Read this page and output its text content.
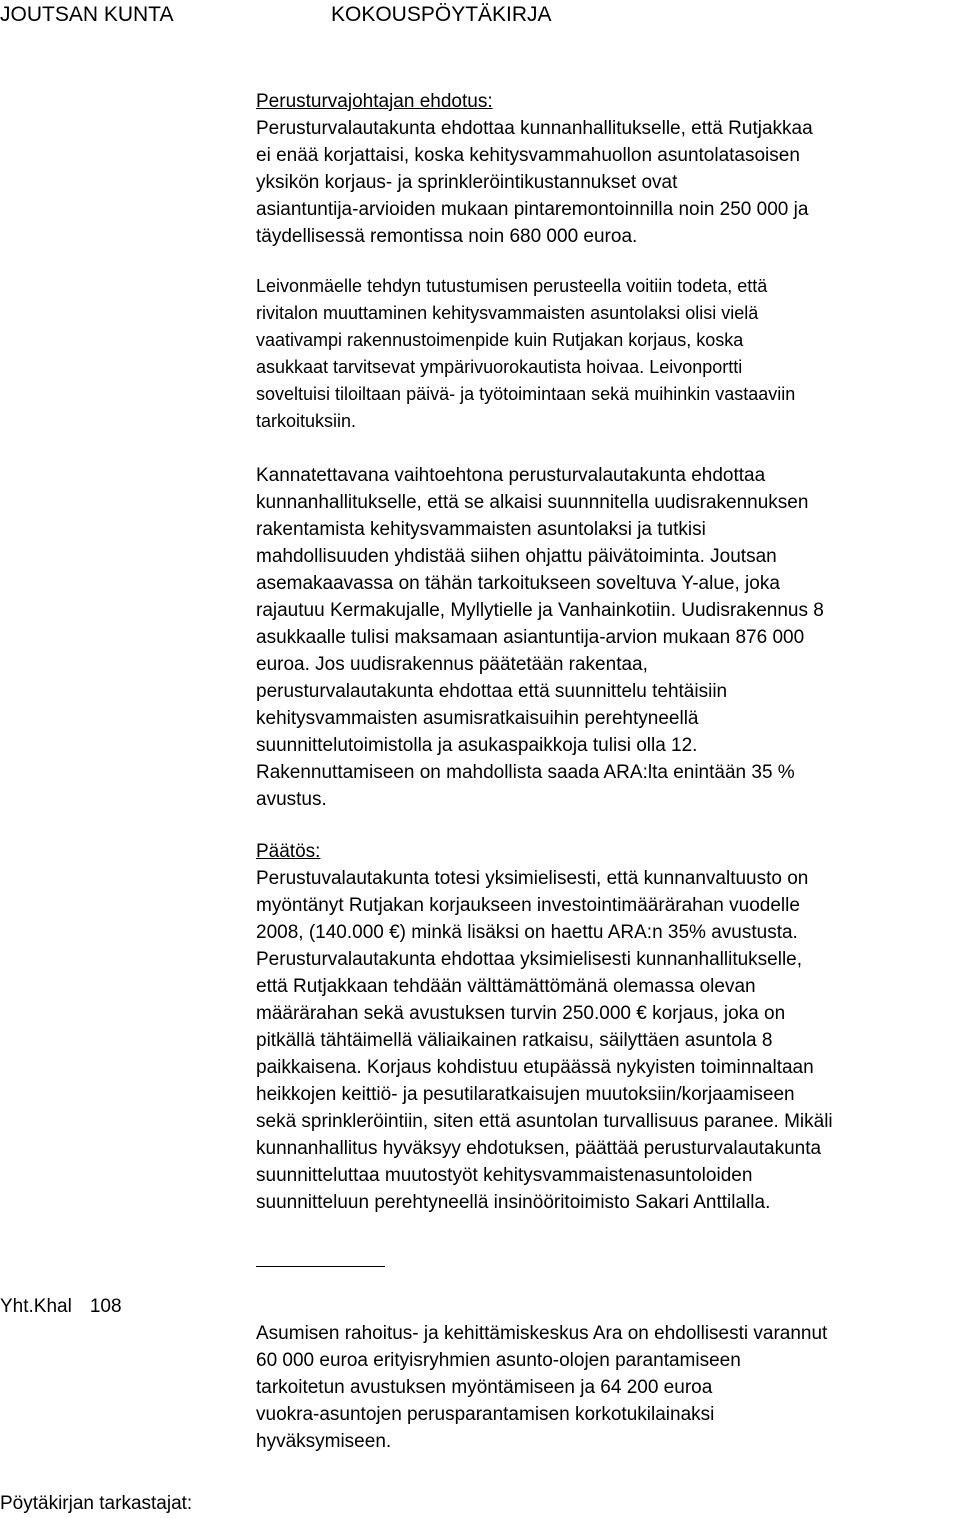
JOUTSAN KUNTA	KOKOUSPÖYTÄKIRJA
Perusturvajohtajan ehdotus:
Perusturvalautakunta ehdottaa kunnanhallitukselle, että Rutjakkaa
ei enää korjattaisi, koska kehitysvammahuollon asuntolatasoisen
yksikön korjaus- ja sprinkleröintikustannukset ovat
asiantuntija-arvioiden mukaan pintaremontoinnilla noin 250 000 ja
täydellisessä remontissa noin 680 000 euroa.
Leivonmäelle tehdyn tutustumisen perusteella voitiin todeta, että
rivitalon muuttaminen kehitysvammaisten asuntolaksi olisi vielä
vaativampi rakennustoimenpide kuin Rutjakan korjaus, koska
asukkaat tarvitsevat ympärivuorokautista hoivaa. Leivonportti
soveltuisi tiloiltaan päivä- ja työtoimintaan sekä muihinkin vastaaviin
tarkoituksiin.
Kannatettavana vaihtoehtona perusturvalautakunta ehdottaa
kunnanhallitukselle, että se alkaisi suunnnitella uudisrakennuksen
rakentamista kehitysvammaisten asuntolaksi ja tutkisi
mahdollisuuden yhdistää siihen ohjattu päivätoiminta. Joutsan
asemakaavassa on tähän tarkoitukseen soveltuva Y-alue, joka
rajautuu Kermakujalle, Myllytielle ja Vanhainkotiin. Uudisrakennus 8
asukkaalle tulisi maksamaan asiantuntija-arvion mukaan 876 000
euroa. Jos uudisrakennus päätetään rakentaa,
perusturvalautakunta ehdottaa että suunnittelu tehtäisiin
kehitysvammaisten asumisratkaisuihin perehtyneellä
suunnittelutoimistolla ja asukaspaikkoja tulisi olla 12.
Rakennuttamiseen on mahdollista saada ARA:lta enintään 35 %
avustus.
Päätös:
Perustuvalautakunta totesi yksimielisesti, että kunnanvaltuusto on
myöntänyt Rutjakan korjaukseen investointimäärärahan vuodelle
2008, (140.000 €) minkä lisäksi on haettu ARA:n 35% avustusta.
Perusturvalautakunta ehdottaa yksimielisesti kunnanhallitukselle,
että Rutjakkaan tehdään välttämättömänä olemassa olevan
määrärahan sekä avustuksen turvin 250.000 € korjaus, joka on
pitkällä tähtäimellä väliaikainen ratkaisu, säilyttäen asuntola 8
paikkaisena. Korjaus kohdistuu etupäässä nykyisten toiminnaltaan
heikkojen keittiö- ja pesutilaratkaisujen muutoksiin/korjaamiseen
sekä sprinkleröintiin, siten että asuntolan turvallisuus paranee. Mikäli
kunnanhallitus hyväksyy ehdotuksen, päättää perusturvalautakunta
suunnitteluttaa muutostyöt kehitysvammaistenasuntoloiden
suunnitteluun perehtyneellä insinööritoimisto Sakari Anttilalla.
Yht.Khal 108
Asumisen rahoitus- ja kehittämiskeskus Ara on ehdollisesti varannut
60 000 euroa erityisryhmien asunto-olojen parantamiseen
tarkoitetun avustuksen myöntämiseen ja 64 200 euroa
vuokra-asuntojen perusparantamisen korkotukilainaksi
hyväksymiseen.
Pöytäkirjan tarkastajat:
